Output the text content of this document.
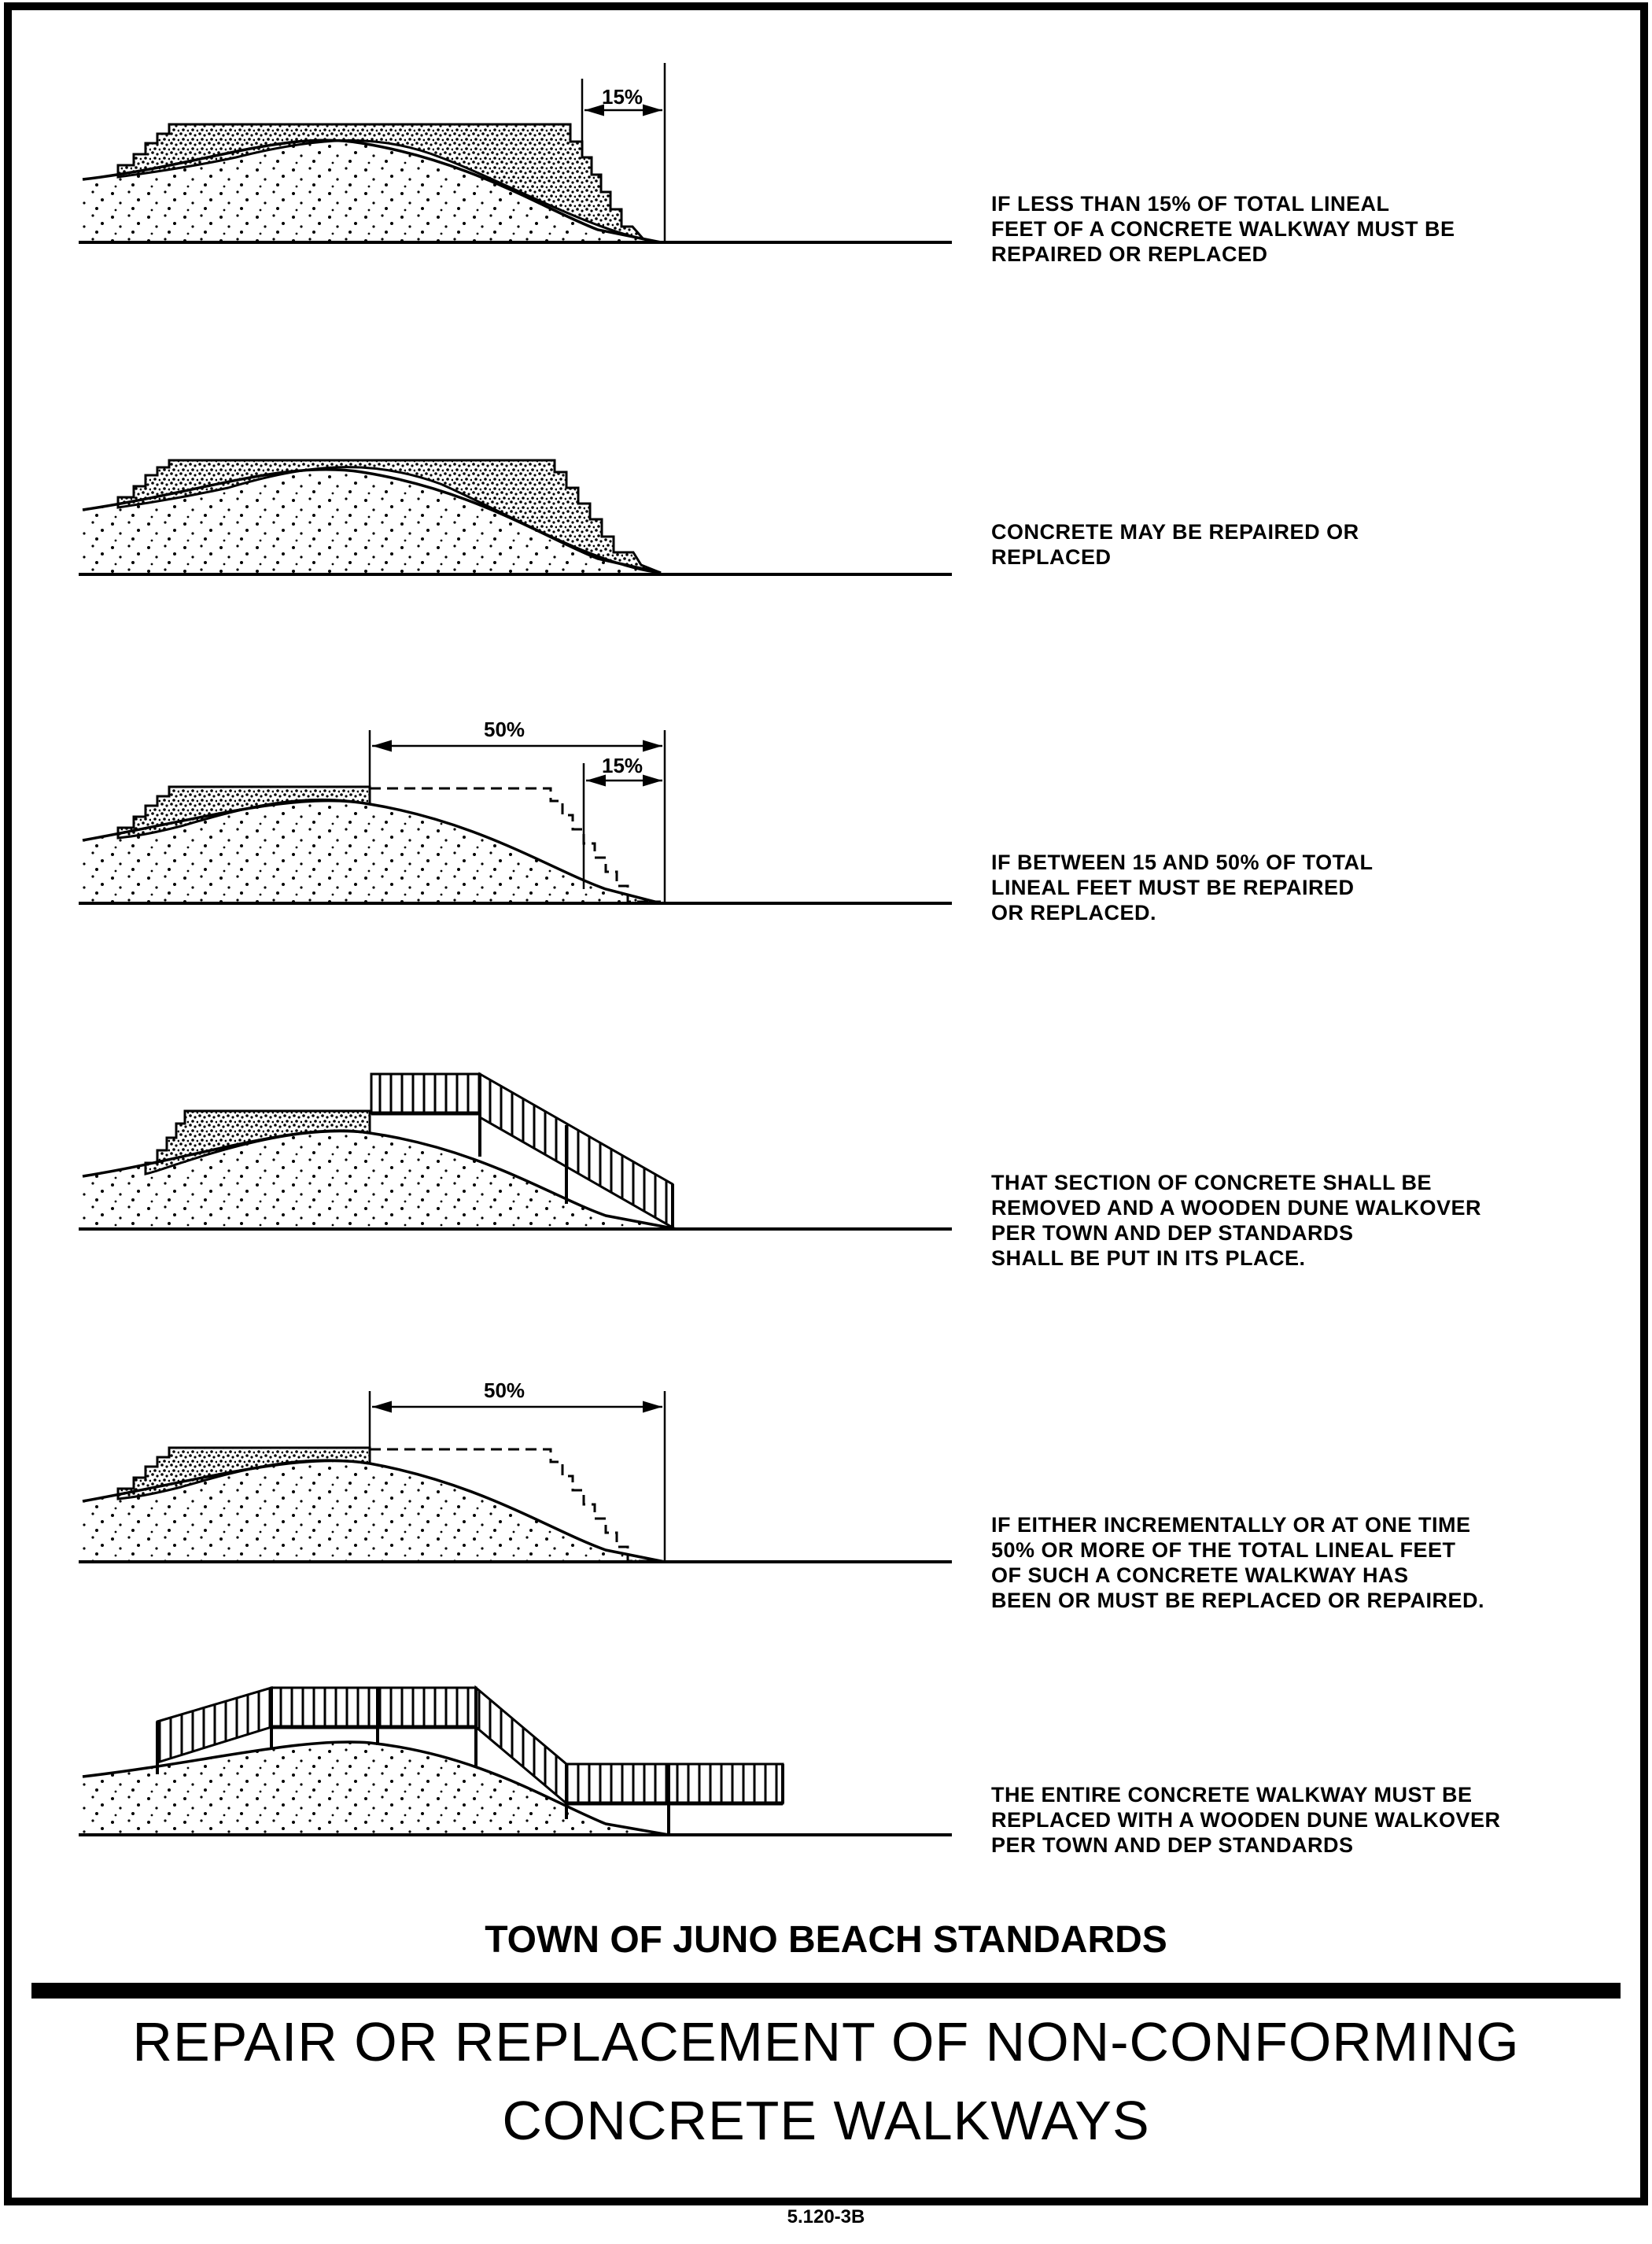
15%
50%
15%
50%
IF LESS THAN 15% OF TOTAL LINEAL
FEET OF A CONCRETE WALKWAY MUST BE
REPAIRED OR REPLACED
CONCRETE MAY BE REPAIRED OR
REPLACED
IF BETWEEN 15 AND 50% OF TOTAL
LINEAL FEET MUST BE REPAIRED
OR REPLACED.
THAT SECTION OF CONCRETE SHALL BE
REMOVED AND A WOODEN DUNE WALKOVER
PER TOWN AND DEP STANDARDS
SHALL BE PUT IN ITS PLACE.
IF EITHER INCREMENTALLY OR AT ONE TIME
50% OR MORE OF THE TOTAL LINEAL FEET
OF SUCH A CONCRETE WALKWAY HAS
BEEN OR MUST BE REPLACED OR REPAIRED.
THE ENTIRE CONCRETE WALKWAY MUST BE
REPLACED WITH A WOODEN DUNE WALKOVER
PER TOWN AND DEP STANDARDS
TOWN OF JUNO BEACH STANDARDS
REPAIR OR REPLACEMENT OF NON-CONFORMING
CONCRETE WALKWAYS
5.120-3B
